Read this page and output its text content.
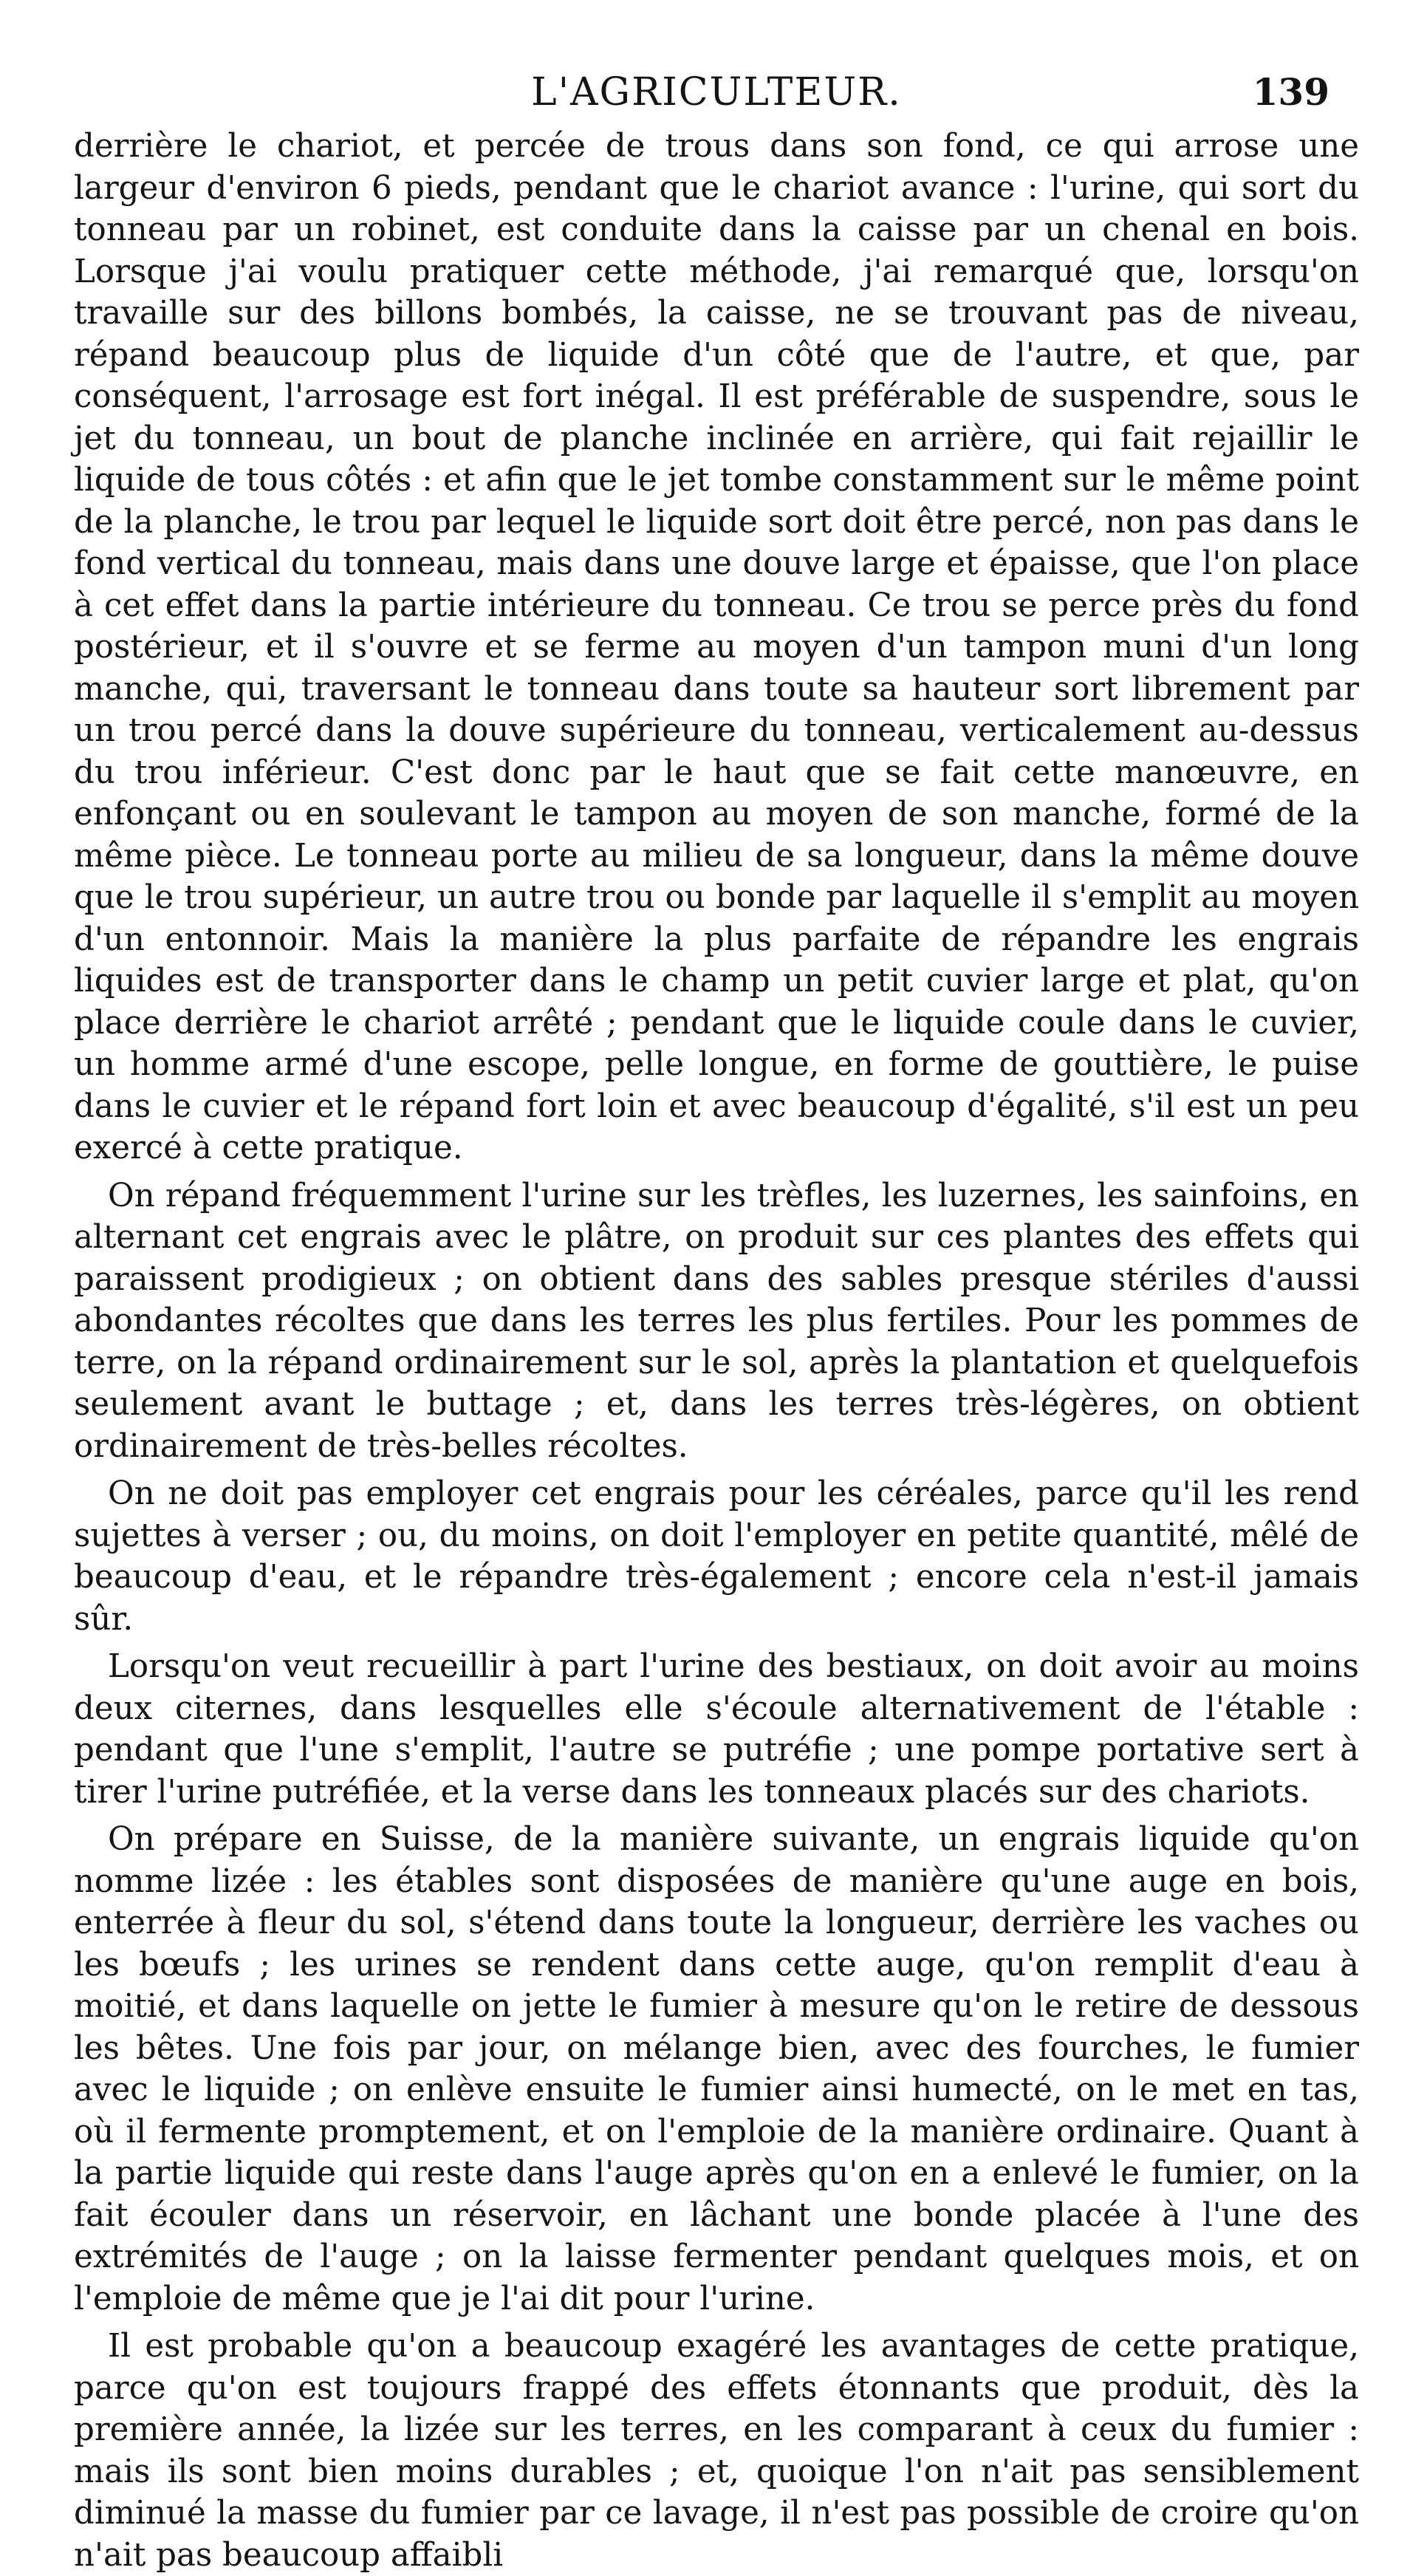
L'AGRICULTEUR.	139

derrière le chariot, et percée de trous dans son fond, ce qui arrose une largeur d'environ 6 pieds, pendant que le chariot avance : l'urine, qui sort du tonneau par un robinet, est conduite dans la caisse par un chenal en bois. Lorsque j'ai voulu pratiquer cette méthode, j'ai remarqué que, lorsqu'on travaille sur des billons bombés, la caisse, ne se trouvant pas de niveau, répand beaucoup plus de liquide d'un côté que de l'autre, et que, par conséquent, l'arrosage est fort inégal. Il est préférable de suspendre, sous le jet du tonneau, un bout de planche inclinée en arrière, qui fait rejaillir le liquide de tous côtés : et afin que le jet tombe constamment sur le même point de la planche, le trou par lequel le liquide sort doit être percé, non pas dans le fond vertical du tonneau, mais dans une douve large et épaisse, que l'on place à cet effet dans la partie intérieure du tonneau. Ce trou se perce près du fond postérieur, et il s'ouvre et se ferme au moyen d'un tampon muni d'un long manche, qui, traversant le tonneau dans toute sa hauteur sort librement par un trou percé dans la douve supérieure du tonneau, verticalement au-dessus du trou inférieur. C'est donc par le haut que se fait cette manœuvre, en enfonçant ou en soulevant le tampon au moyen de son manche, formé de la même pièce. Le tonneau porte au milieu de sa longueur, dans la même douve que le trou supérieur, un autre trou ou bonde par laquelle il s'emplit au moyen d'un entonnoir. Mais la manière la plus parfaite de répandre les engrais liquides est de transporter dans le champ un petit cuvier large et plat, qu'on place derrière le chariot arrêté ; pendant que le liquide coule dans le cuvier, un homme armé d'une escope, pelle longue, en forme de gouttière, le puise dans le cuvier et le répand fort loin et avec beaucoup d'égalité, s'il est un peu exercé à cette pratique.

On répand fréquemment l'urine sur les trèfles, les luzernes, les sainfoins, en alternant cet engrais avec le plâtre, on produit sur ces plantes des effets qui paraissent prodigieux ; on obtient dans des sables presque stériles d'aussi abondantes récoltes que dans les terres les plus fertiles. Pour les pommes de terre, on la répand ordinairement sur le sol, après la plantation et quelquefois seulement avant le buttage ; et, dans les terres très-légères, on obtient ordinairement de très-belles récoltes.

On ne doit pas employer cet engrais pour les céréales, parce qu'il les rend sujettes à verser ; ou, du moins, on doit l'employer en petite quantité, mêlé de beaucoup d'eau, et le répandre très-également ; encore cela n'est-il jamais sûr.

Lorsqu'on veut recueillir à part l'urine des bestiaux, on doit avoir au moins deux citernes, dans lesquelles elle s'écoule alternativement de l'étable : pendant que l'une s'emplit, l'autre se putréfie ; une pompe portative sert à tirer l'urine putréfiée, et la verse dans les tonneaux placés sur des chariots.

On prépare en Suisse, de la manière suivante, un engrais liquide qu'on nomme lizée : les étables sont disposées de manière qu'une auge en bois, enterrée à fleur du sol, s'étend dans toute la longueur, derrière les vaches ou les bœufs ; les urines se rendent dans cette auge, qu'on remplit d'eau à moitié, et dans laquelle on jette le fumier à mesure qu'on le retire de dessous les bêtes. Une fois par jour, on mélange bien, avec des fourches, le fumier avec le liquide ; on enlève ensuite le fumier ainsi humecté, on le met en tas, où il fermente promptement, et on l'emploie de la manière ordinaire. Quant à la partie liquide qui reste dans l'auge après qu'on en a enlevé le fumier, on la fait écouler dans un réservoir, en lâchant une bonde placée à l'une des extrémités de l'auge ; on la laisse fermenter pendant quelques mois, et on l'emploie de même que je l'ai dit pour l'urine.

Il est probable qu'on a beaucoup exagéré les avantages de cette pratique, parce qu'on est toujours frappé des effets étonnants que produit, dès la première année, la lizée sur les terres, en les comparant à ceux du fumier : mais ils sont bien moins durables ; et, quoique l'on n'ait pas sensiblement diminué la masse du fumier par ce lavage, il n'est pas possible de croire qu'on n'ait pas beaucoup affaibli
